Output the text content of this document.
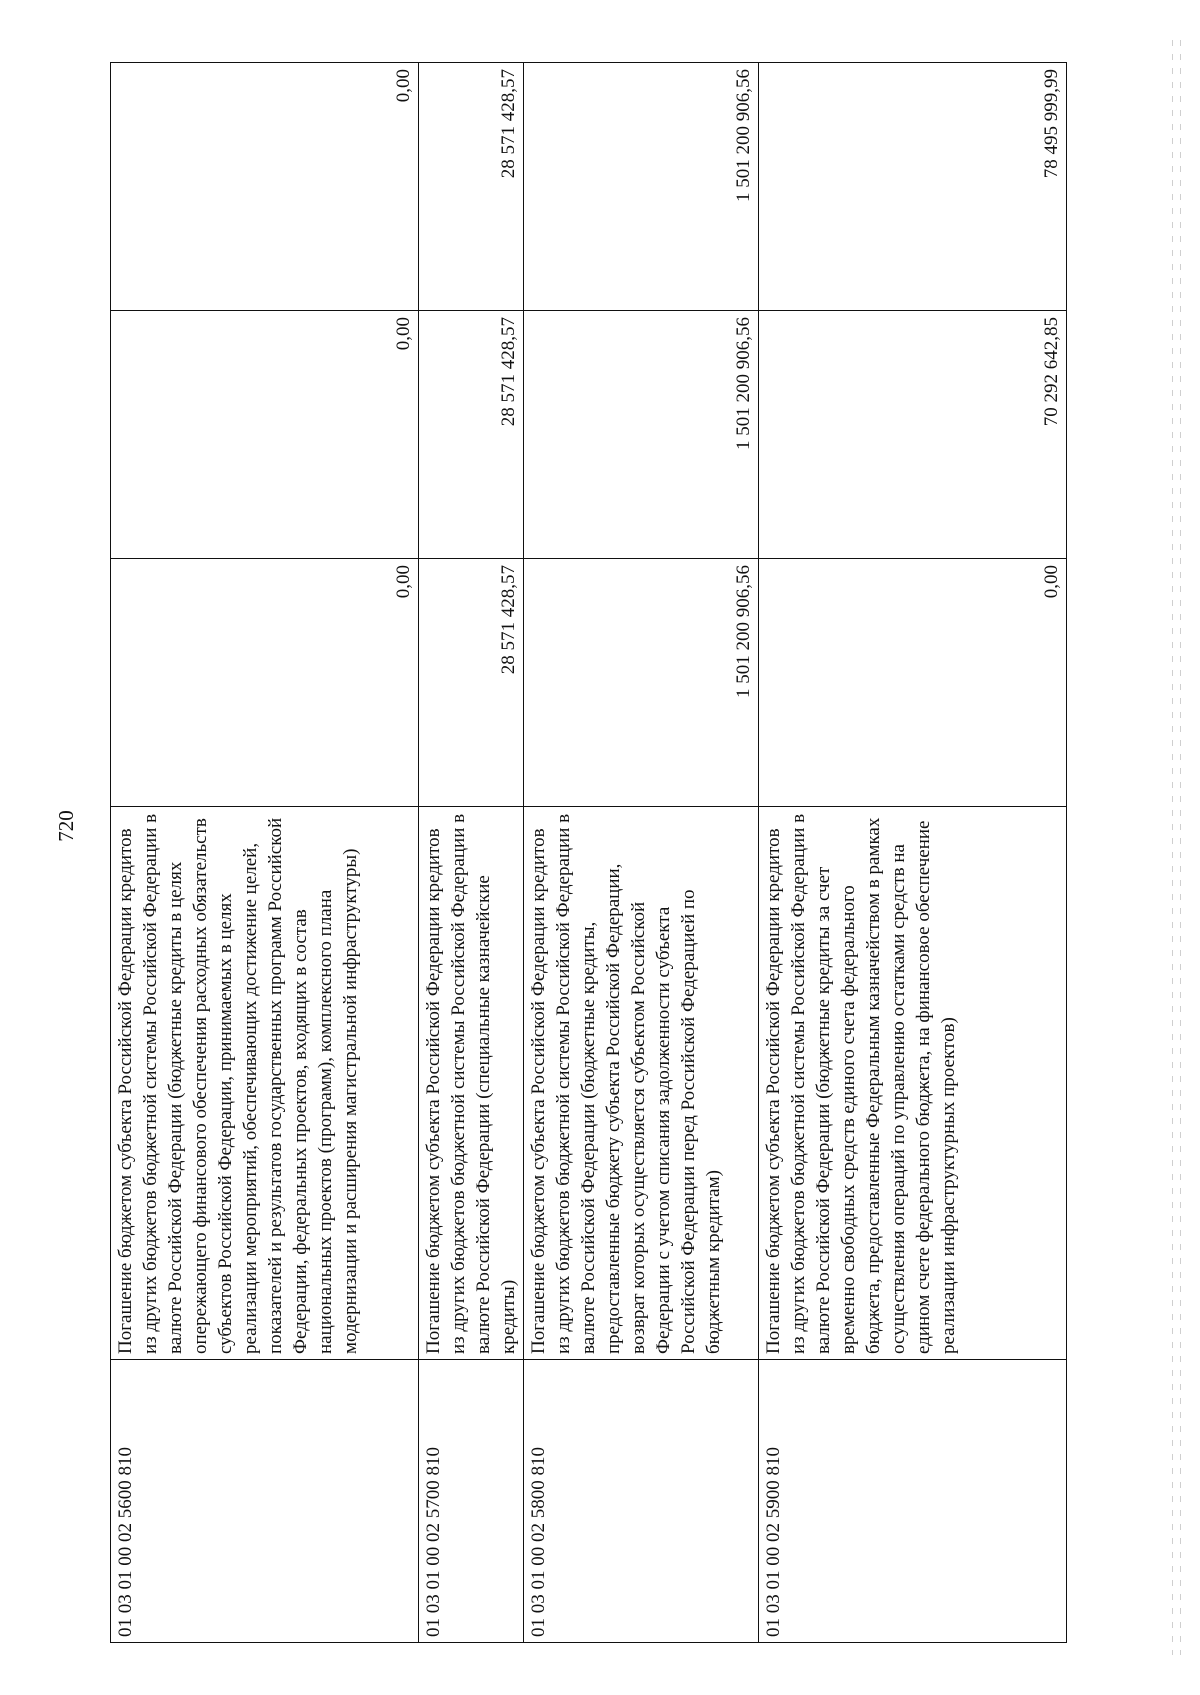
720
01 03 01 00 02 5600 810	Погашение бюджетом субъекта Российской Федерации кредитов из других бюджетов бюджетной системы Российской Федерации в валюте Российской Федерации (бюджетные кредиты в целях опережающего финансового обеспечения расходных обязательств субъектов Российской Федерации, принимаемых в целях реализации мероприятий, обеспечивающих достижение целей, показателей и результатов государственных программ Российской Федерации, федеральных проектов, входящих в состав национальных проектов (программ), комплексного плана модернизации и расширения магистральной инфраструктуры)	0,00	0,00	0,00
01 03 01 00 02 5700 810	Погашение бюджетом субъекта Российской Федерации кредитов из других бюджетов бюджетной системы Российской Федерации в валюте Российской Федерации (специальные казначейские кредиты)	28 571 428,57	28 571 428,57	28 571 428,57
01 03 01 00 02 5800 810	Погашение бюджетом субъекта Российской Федерации кредитов из других бюджетов бюджетной системы Российской Федерации в валюте Российской Федерации (бюджетные кредиты, предоставленные бюджету субъекта Российской Федерации, возврат которых осуществляется субъектом Российской Федерации с учетом списания задолженности субъекта Российской Федерации перед Российской Федерацией по бюджетным кредитам)	1 501 200 906,56	1 501 200 906,56	1 501 200 906,56
01 03 01 00 02 5900 810	Погашение бюджетом субъекта Российской Федерации кредитов из других бюджетов бюджетной системы Российской Федерации в валюте Российской Федерации (бюджетные кредиты за счет временно свободных средств единого счета федерального бюджета, предоставленные Федеральным казначейством в рамках осуществления операций по управлению остатками средств на едином счете федерального бюджета, на финансовое обеспечение реализации инфраструктурных проектов)	0,00	70 292 642,85	78 495 999,99
